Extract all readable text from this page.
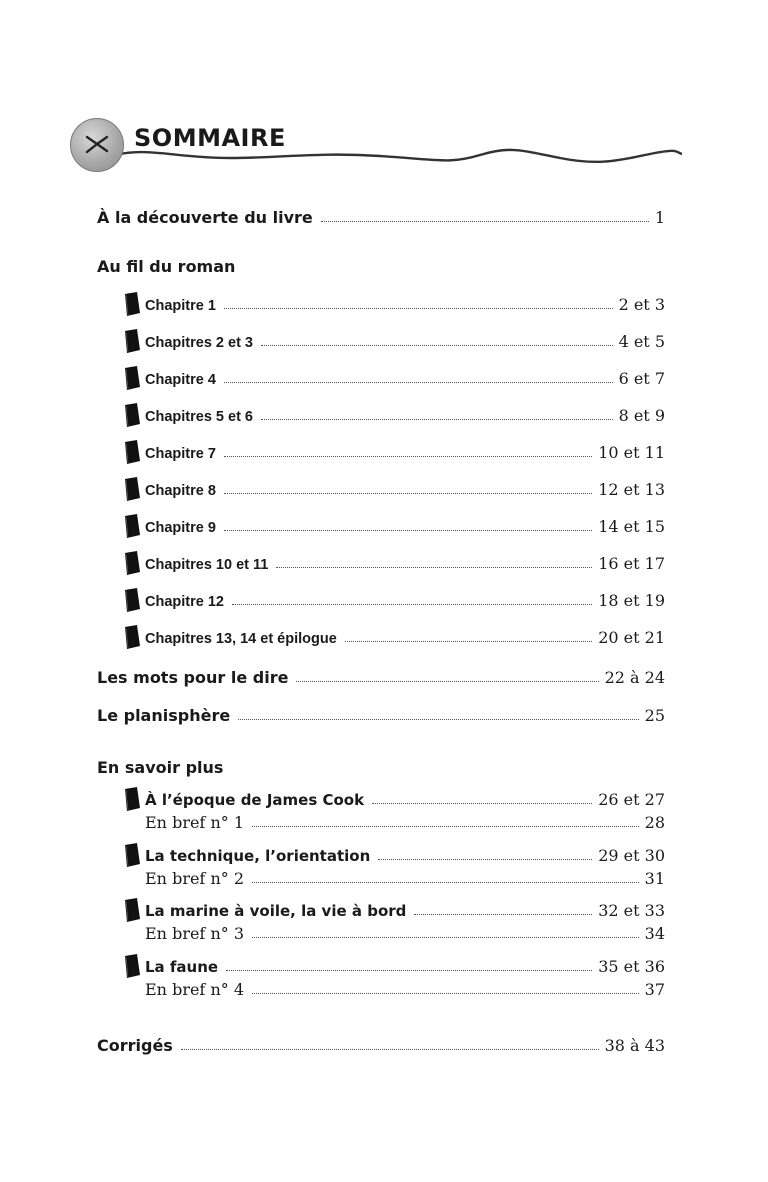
SOMMAIRE
À la découverte du livre	1
Au fil du roman
Chapitre 1	2 et 3
Chapitres 2 et 3	4 et 5
Chapitre 4	6 et 7
Chapitres 5 et 6	8 et 9
Chapitre 7	10 et 11
Chapitre 8	12 et 13
Chapitre 9	14 et 15
Chapitres 10 et 11	16 et 17
Chapitre 12	18 et 19
Chapitres 13, 14 et épilogue	20 et 21
Les mots pour le dire	22 à 24
Le planisphère	25
En savoir plus
À l’époque de James Cook	26 et 27
En bref n° 1	28
La technique, l’orientation	29 et 30
En bref n° 2	31
La marine à voile, la vie à bord	32 et 33
En bref n° 3	34
La faune	35 et 36
En bref n° 4	37
Corrigés	38 à 43
